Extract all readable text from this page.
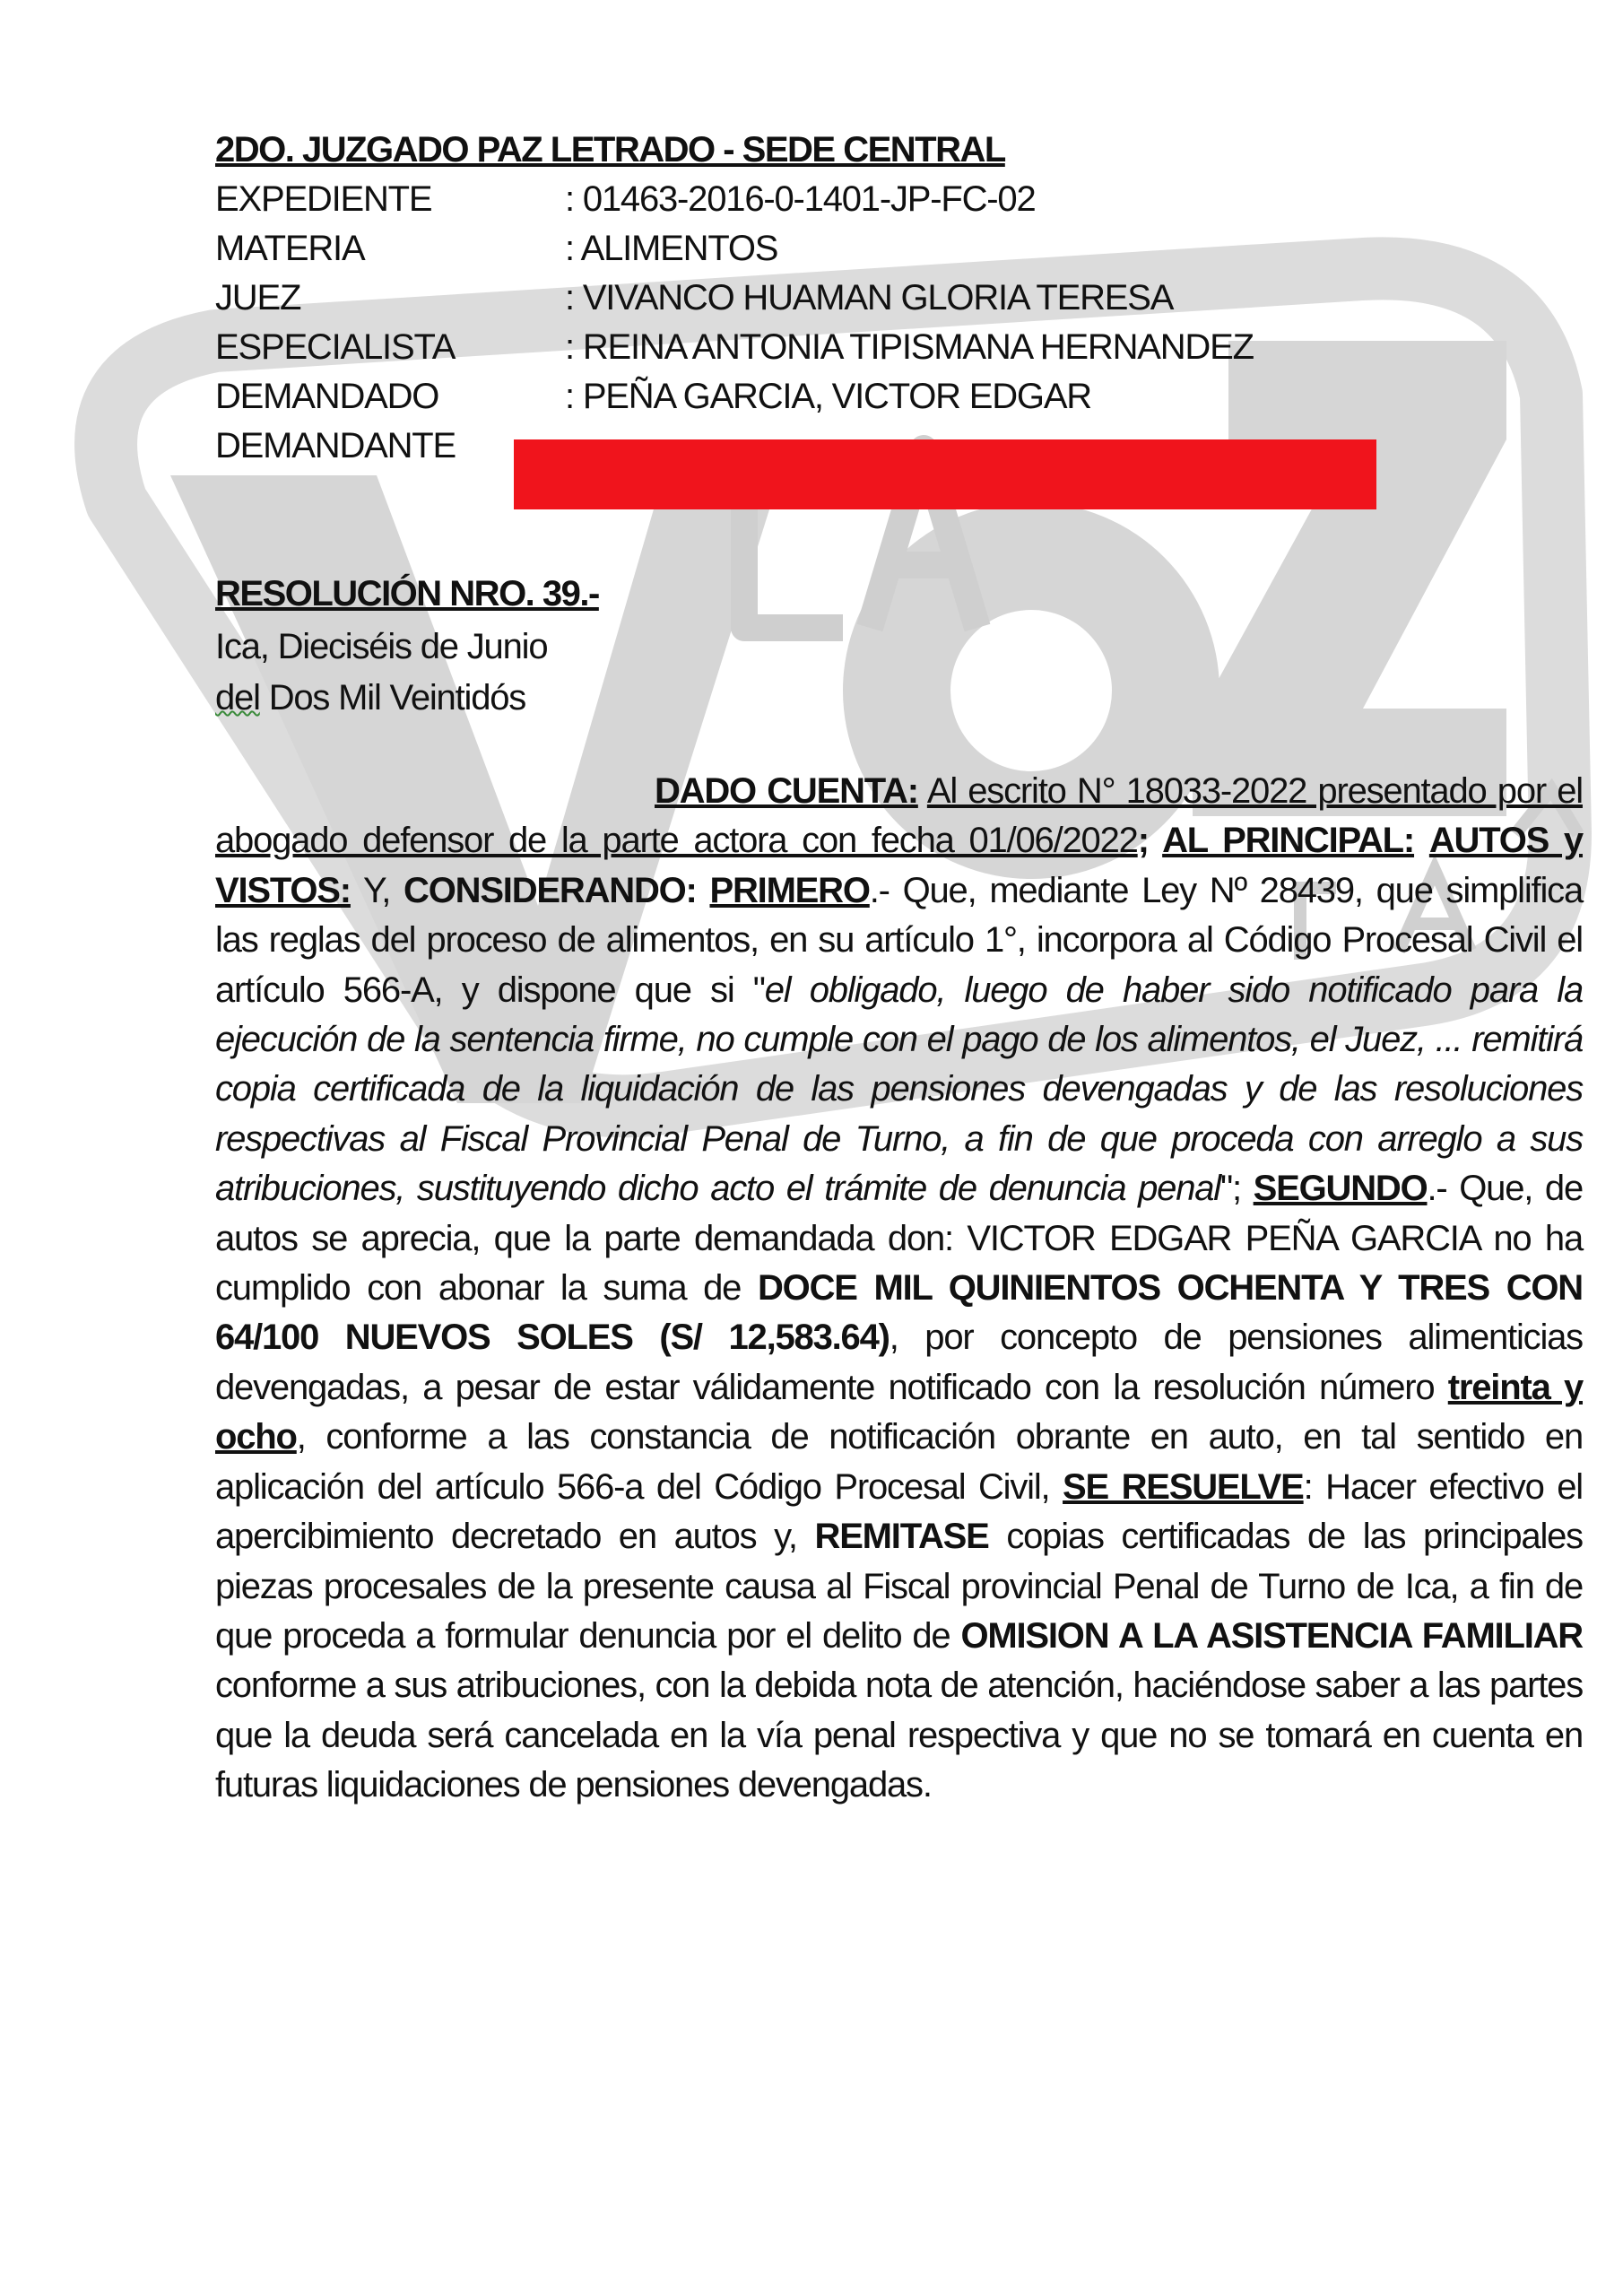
2DO. JUZGADO PAZ LETRADO - SEDE CENTRAL
EXPEDIENTE	: 01463-2016-0-1401-JP-FC-02
MATERIA	: ALIMENTOS
JUEZ	: VIVANCO HUAMAN GLORIA TERESA
ESPECIALISTA	: REINA ANTONIA TIPISMANA HERNANDEZ
DEMANDADO	: PEÑA GARCIA, VICTOR EDGAR
DEMANDANTE
RESOLUCIÓN NRO. 39.-
Ica, Dieciséis de Junio
del Dos Mil Veintidós

DADO CUENTA: Al escrito N° 18033-2022 presentado por el abogado defensor de la parte actora con fecha 01/06/2022; AL PRINCIPAL: AUTOS y VISTOS: Y, CONSIDERANDO: PRIMERO.- Que, mediante Ley Nº 28439, que simplifica las reglas del proceso de alimentos, en su artículo 1°, incorpora al Código Procesal Civil el artículo 566-A, y dispone que si "el obligado, luego de haber sido notificado para la ejecución de la sentencia firme, no cumple con el pago de los alimentos, el Juez, ... remitirá copia certificada de la liquidación de las pensiones devengadas y de las resoluciones respectivas al Fiscal Provincial Penal de Turno, a fin de que proceda con arreglo a sus atribuciones, sustituyendo dicho acto el trámite de denuncia penal"; SEGUNDO.- Que, de autos se aprecia, que la parte demandada don: VICTOR EDGAR PEÑA GARCIA no ha cumplido con abonar la suma de DOCE MIL QUINIENTOS OCHENTA Y TRES CON 64/100 NUEVOS SOLES (S/ 12,583.64), por concepto de pensiones alimenticias devengadas, a pesar de estar válidamente notificado con la resolución número treinta y ocho, conforme a las constancia de notificación obrante en auto, en tal sentido en aplicación del artículo 566-a del Código Procesal Civil, SE RESUELVE: Hacer efectivo el apercibimiento decretado en autos y, REMITASE copias certificadas de las principales piezas procesales de la presente causa al Fiscal provincial Penal de Turno de Ica, a fin de que proceda a formular denuncia por el delito de OMISION A LA ASISTENCIA FAMILIAR conforme a sus atribuciones, con la debida nota de atención, haciéndose saber a las partes que la deuda será cancelada en la vía penal respectiva y que no se tomará en cuenta en futuras liquidaciones de pensiones devengadas.
